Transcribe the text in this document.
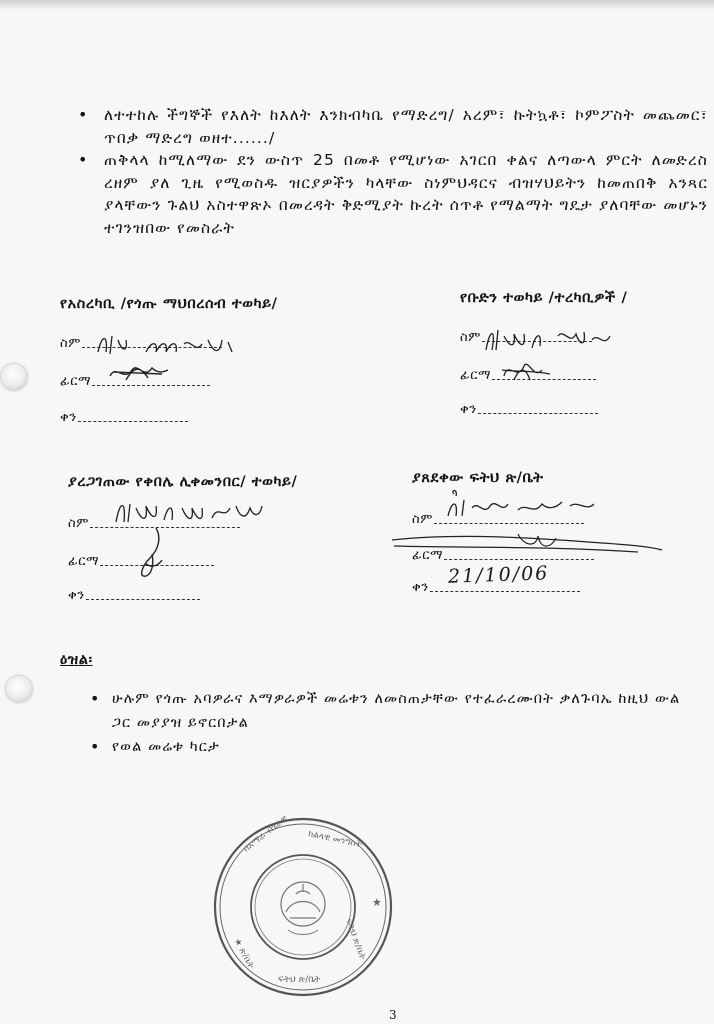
• ለተተከሉ ችግኞች የእለት ከእለት እንክብካቤ የማድረግ/ አረም፣ ኩትኳቶ፣ ኮምፖስት መጨመር፣ ጥበቃ ማድረግ ወዘተ....../
• ጠቅላላ ከሚለማው ደን ውስጥ 25 በመቶ የሚሆነው አገርበ ቀልና ለጣውላ ምርት ለመድረስ ረዘም ያለ ጊዜ የሚወስዱ ዝርያዎችን ካላቸው ስነምህዳርና ብዝሃህይትን ከመጠበቅ አንጻር ያላቸውን ጉልህ አስተዋጽኦ በመረዳት ቅድሚያት ኩረት ሰጥቶ የማልማት ግዴታ ያለባቸው መሆኑን ተገንዝበው የመስራት
የአስረካቢ /የጎጡ ማህበረሰብ ተወካይ/
ስም
ፊርማ
ቀን
የቡድን ተወካይ /ተረካቢዎች /
ስም
ፊርማ
ቀን
ያረጋገጠው የቀበሌ ሊቀመንበር/ ተወካይ/
ስም
ፊርማ
ቀን
ያጸደቀው ፍትህ ጽ/ቤት
ስም
ፊርማ
ቀን 21/10/06
ዕዝል፡
• ሁሉም የጎጡ አባዎራና እማዎራዎች መሬቱን ለመስጠታቸው የተፈራረሙበት ቃለጉባኤ ከዚህ ውል ጋር መያያዝ ይኖርበታል
• የወል መሬቱ ካርታ
በአማራ ብሄራዊ ክልላዊ መንግስት
ፍትህ ጽ/ቤት
★ ጽ/ቤት
ፍትህ ጽ/ቤት
★
3
